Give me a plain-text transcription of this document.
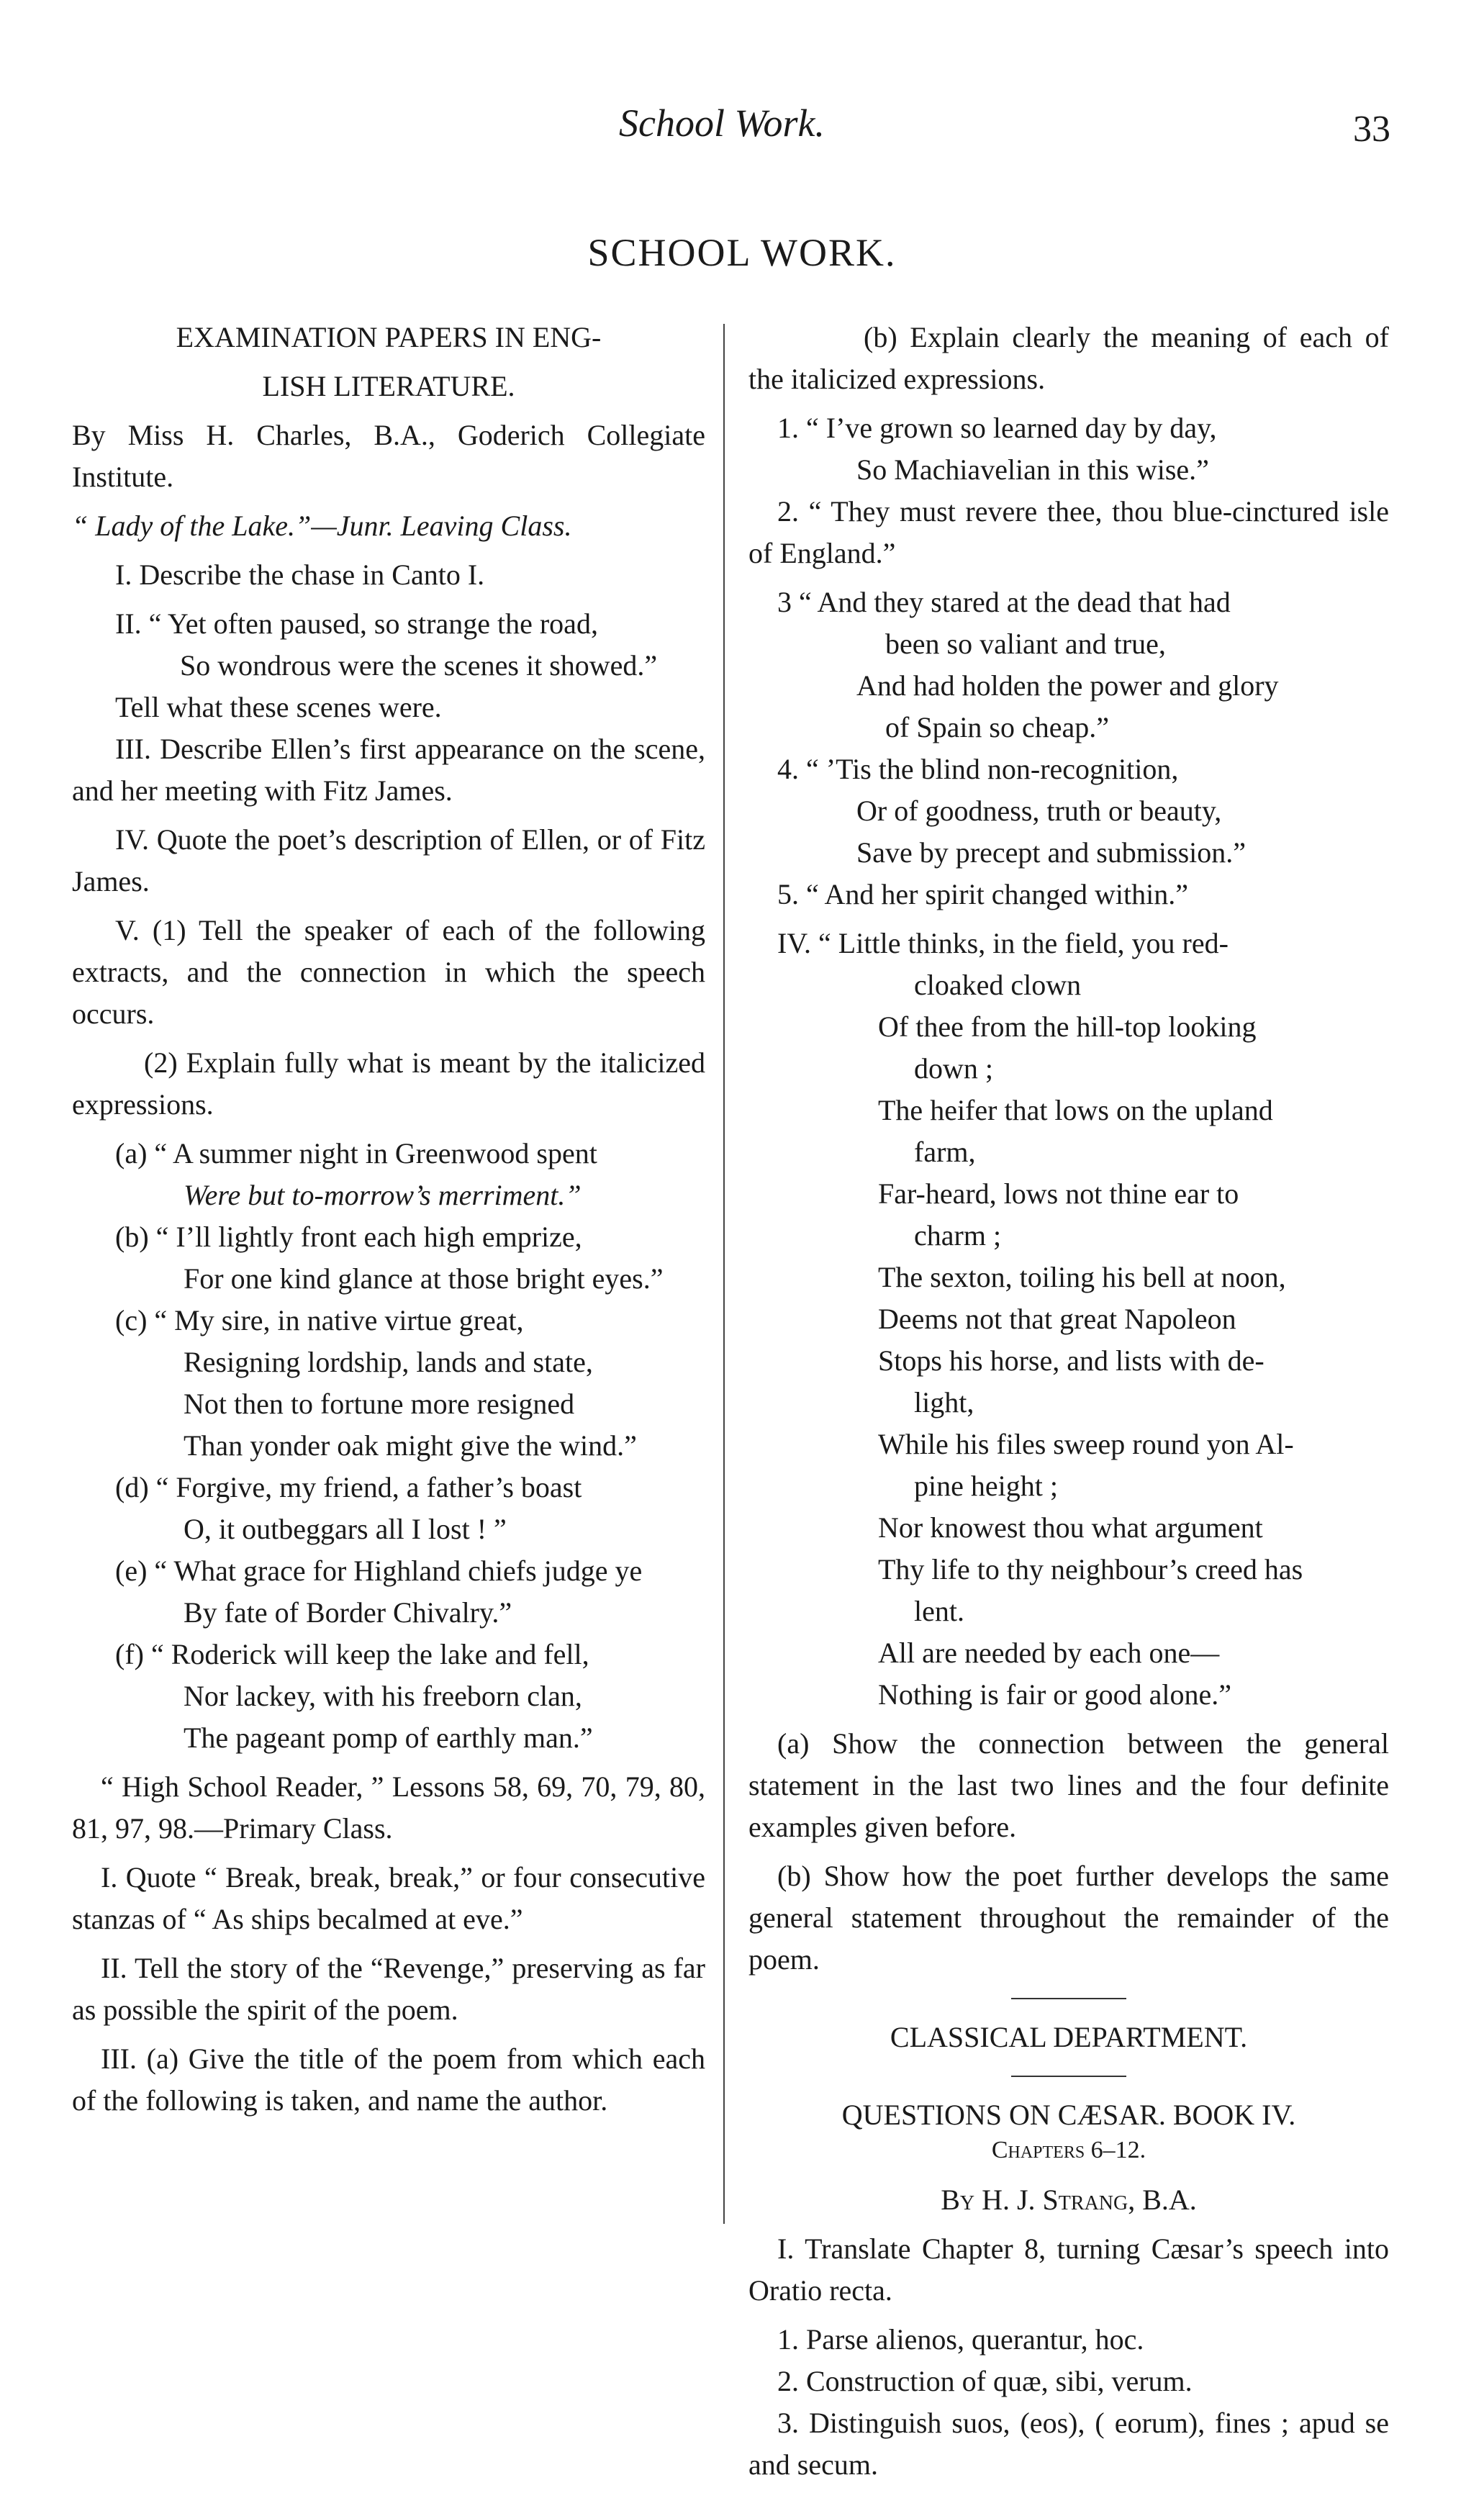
School Work.	33
SCHOOL WORK.

EXAMINATION PAPERS IN ENG-

LISH LITERATURE.

By Miss H. Charles, B.A., Goderich Collegiate Institute.

“ Lady of the Lake.”—Junr. Leaving Class.

I. Describe the chase in Canto I.

II. “ Yet often paused, so strange the road,
So wondrous were the scenes it showed.”
Tell what these scenes were.

III. Describe Ellen’s first appearance on the scene, and her meeting with Fitz James.

IV. Quote the poet’s description of Ellen, or of Fitz James.

V. (1) Tell the speaker of each of the following extracts, and the connection in which the speech occurs.

(2) Explain fully what is meant by the italicized expressions.

(a) “ A summer night in Greenwood spent
Were but to-morrow’s merriment.”
(b) “ I’ll lightly front each high emprize,
For one kind glance at those bright eyes.”
(c) “ My sire, in native virtue great,
Resigning lordship, lands and state,
Not then to fortune more resigned
Than yonder oak might give the wind.”
(d) “ Forgive, my friend, a father’s boast
O, it outbeggars all I lost ! ”
(e) “ What grace for Highland chiefs judge ye
By fate of Border Chivalry.”
(f) “ Roderick will keep the lake and fell,
Nor lackey, with his freeborn clan,
The pageant pomp of earthly man.”

“ High School Reader, ” Lessons 58, 69, 70, 79, 80, 81, 97, 98.—Primary Class.

I. Quote “ Break, break, break,” or four consecutive stanzas of “ As ships becalmed at eve.”

II. Tell the story of the “Revenge,” preserving as far as possible the spirit of the poem.

III. (a) Give the title of the poem from which each of the following is taken, and name the author.

(b) Explain clearly the meaning of each of the italicized expressions.

1. “ I’ve grown so learned day by day,
So Machiavelian in this wise.”

2. “ They must revere thee, thou blue-cinctured isle of England.”

3 “ And they stared at the dead that had
been so valiant and true,
And had holden the power and glory
of Spain so cheap.”
4. “ ’Tis the blind non-recognition,
Or of goodness, truth or beauty,
Save by precept and submission.”

5. “ And her spirit changed within.”

IV. “ Little thinks, in the field, you red-
cloaked clown
Of thee from the hill-top looking
down ;
The heifer that lows on the upland
farm,
Far-heard, lows not thine ear to
charm ;
The sexton, toiling his bell at noon,
Deems not that great Napoleon
Stops his horse, and lists with de-
light,
While his files sweep round yon Al-
pine height ;
Nor knowest thou what argument
Thy life to thy neighbour’s creed has
lent.
All are needed by each one—
Nothing is fair or good alone.”

(a) Show the connection between the general statement in the last two lines and the four definite examples given before.

(b) Show how the poet further develops the same general statement throughout the remainder of the poem.

CLASSICAL DEPARTMENT.

QUESTIONS ON CÆSAR. BOOK IV.

Chapters 6–12.

By H. J. Strang, B.A.

I. Translate Chapter 8, turning Cæsar’s speech into Oratio recta.

1. Parse alienos, querantur, hoc.

2. Construction of quæ, sibi, verum.

3. Distinguish suos, (eos), ( eorum), fines ; apud se and secum.
